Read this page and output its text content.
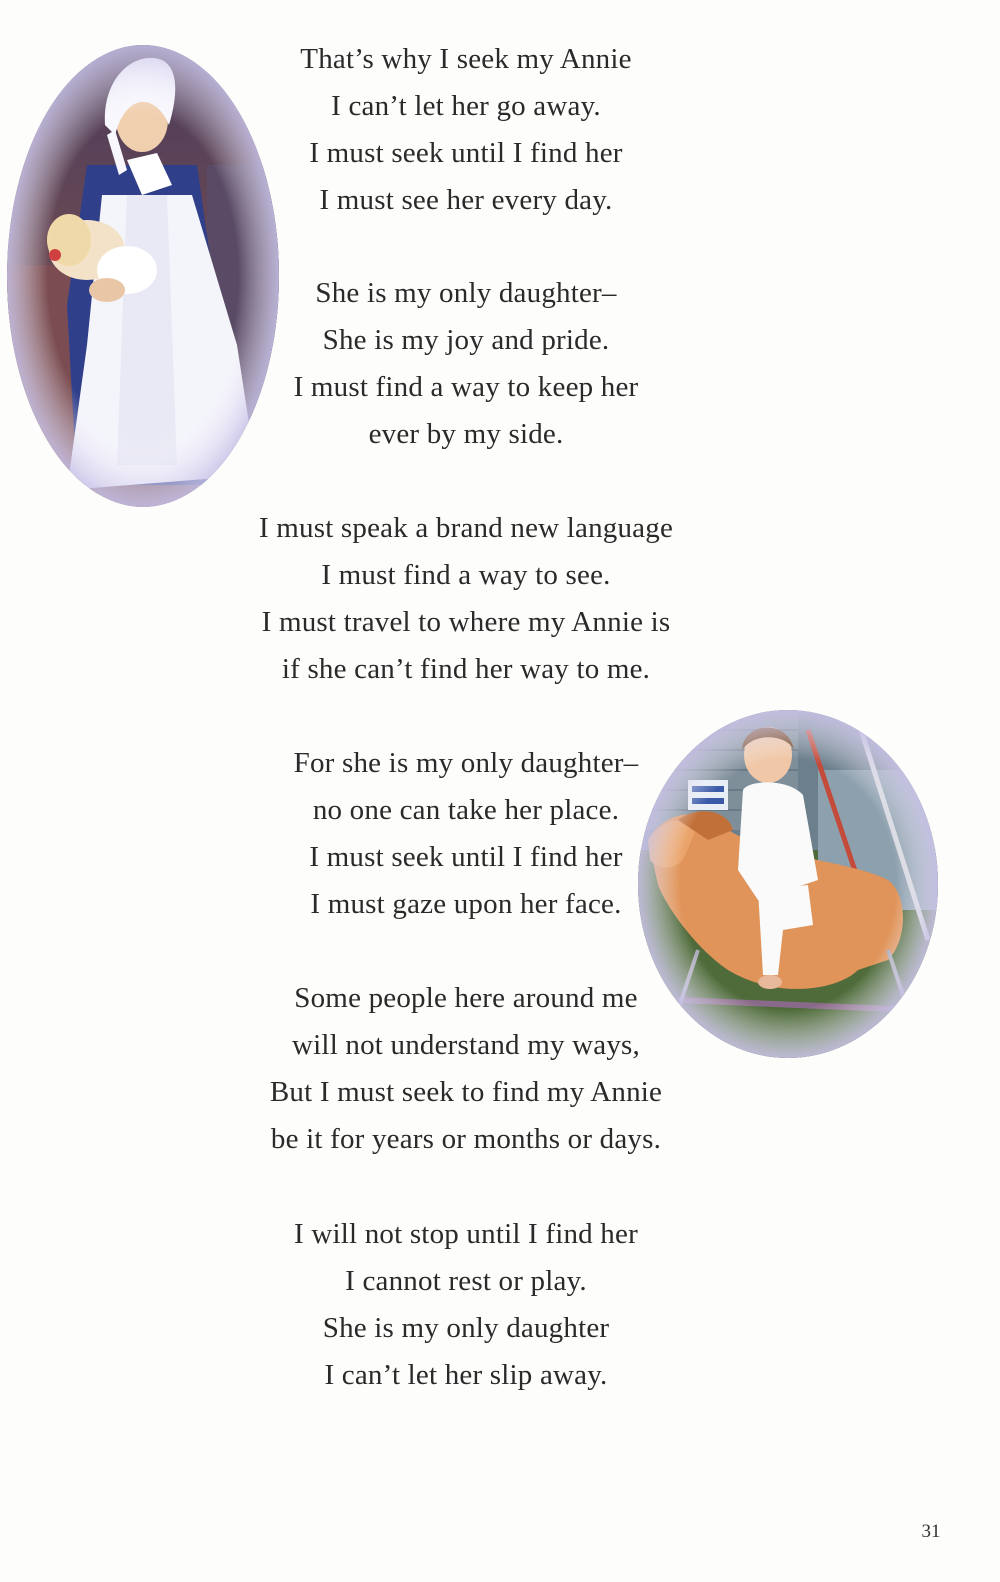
That’s why I seek my Annie
I can’t let her go away.
I must seek until I find her
I must see her every day.
She is my only daughter–
She is my joy and pride.
I must find a way to keep her
ever by my side.
I must speak a brand new language
I must find a way to see.
I must travel to where my Annie is
if she can’t find her way to me.
For she is my only daughter–
no one can take her place.
I must seek until I find her
I must gaze upon her face.
Some people here around me
will not understand my ways,
But I must seek to find my Annie
be it for years or months or days.
I will not stop until I find her
I cannot rest or play.
She is my only daughter
I can’t let her slip away.
31
